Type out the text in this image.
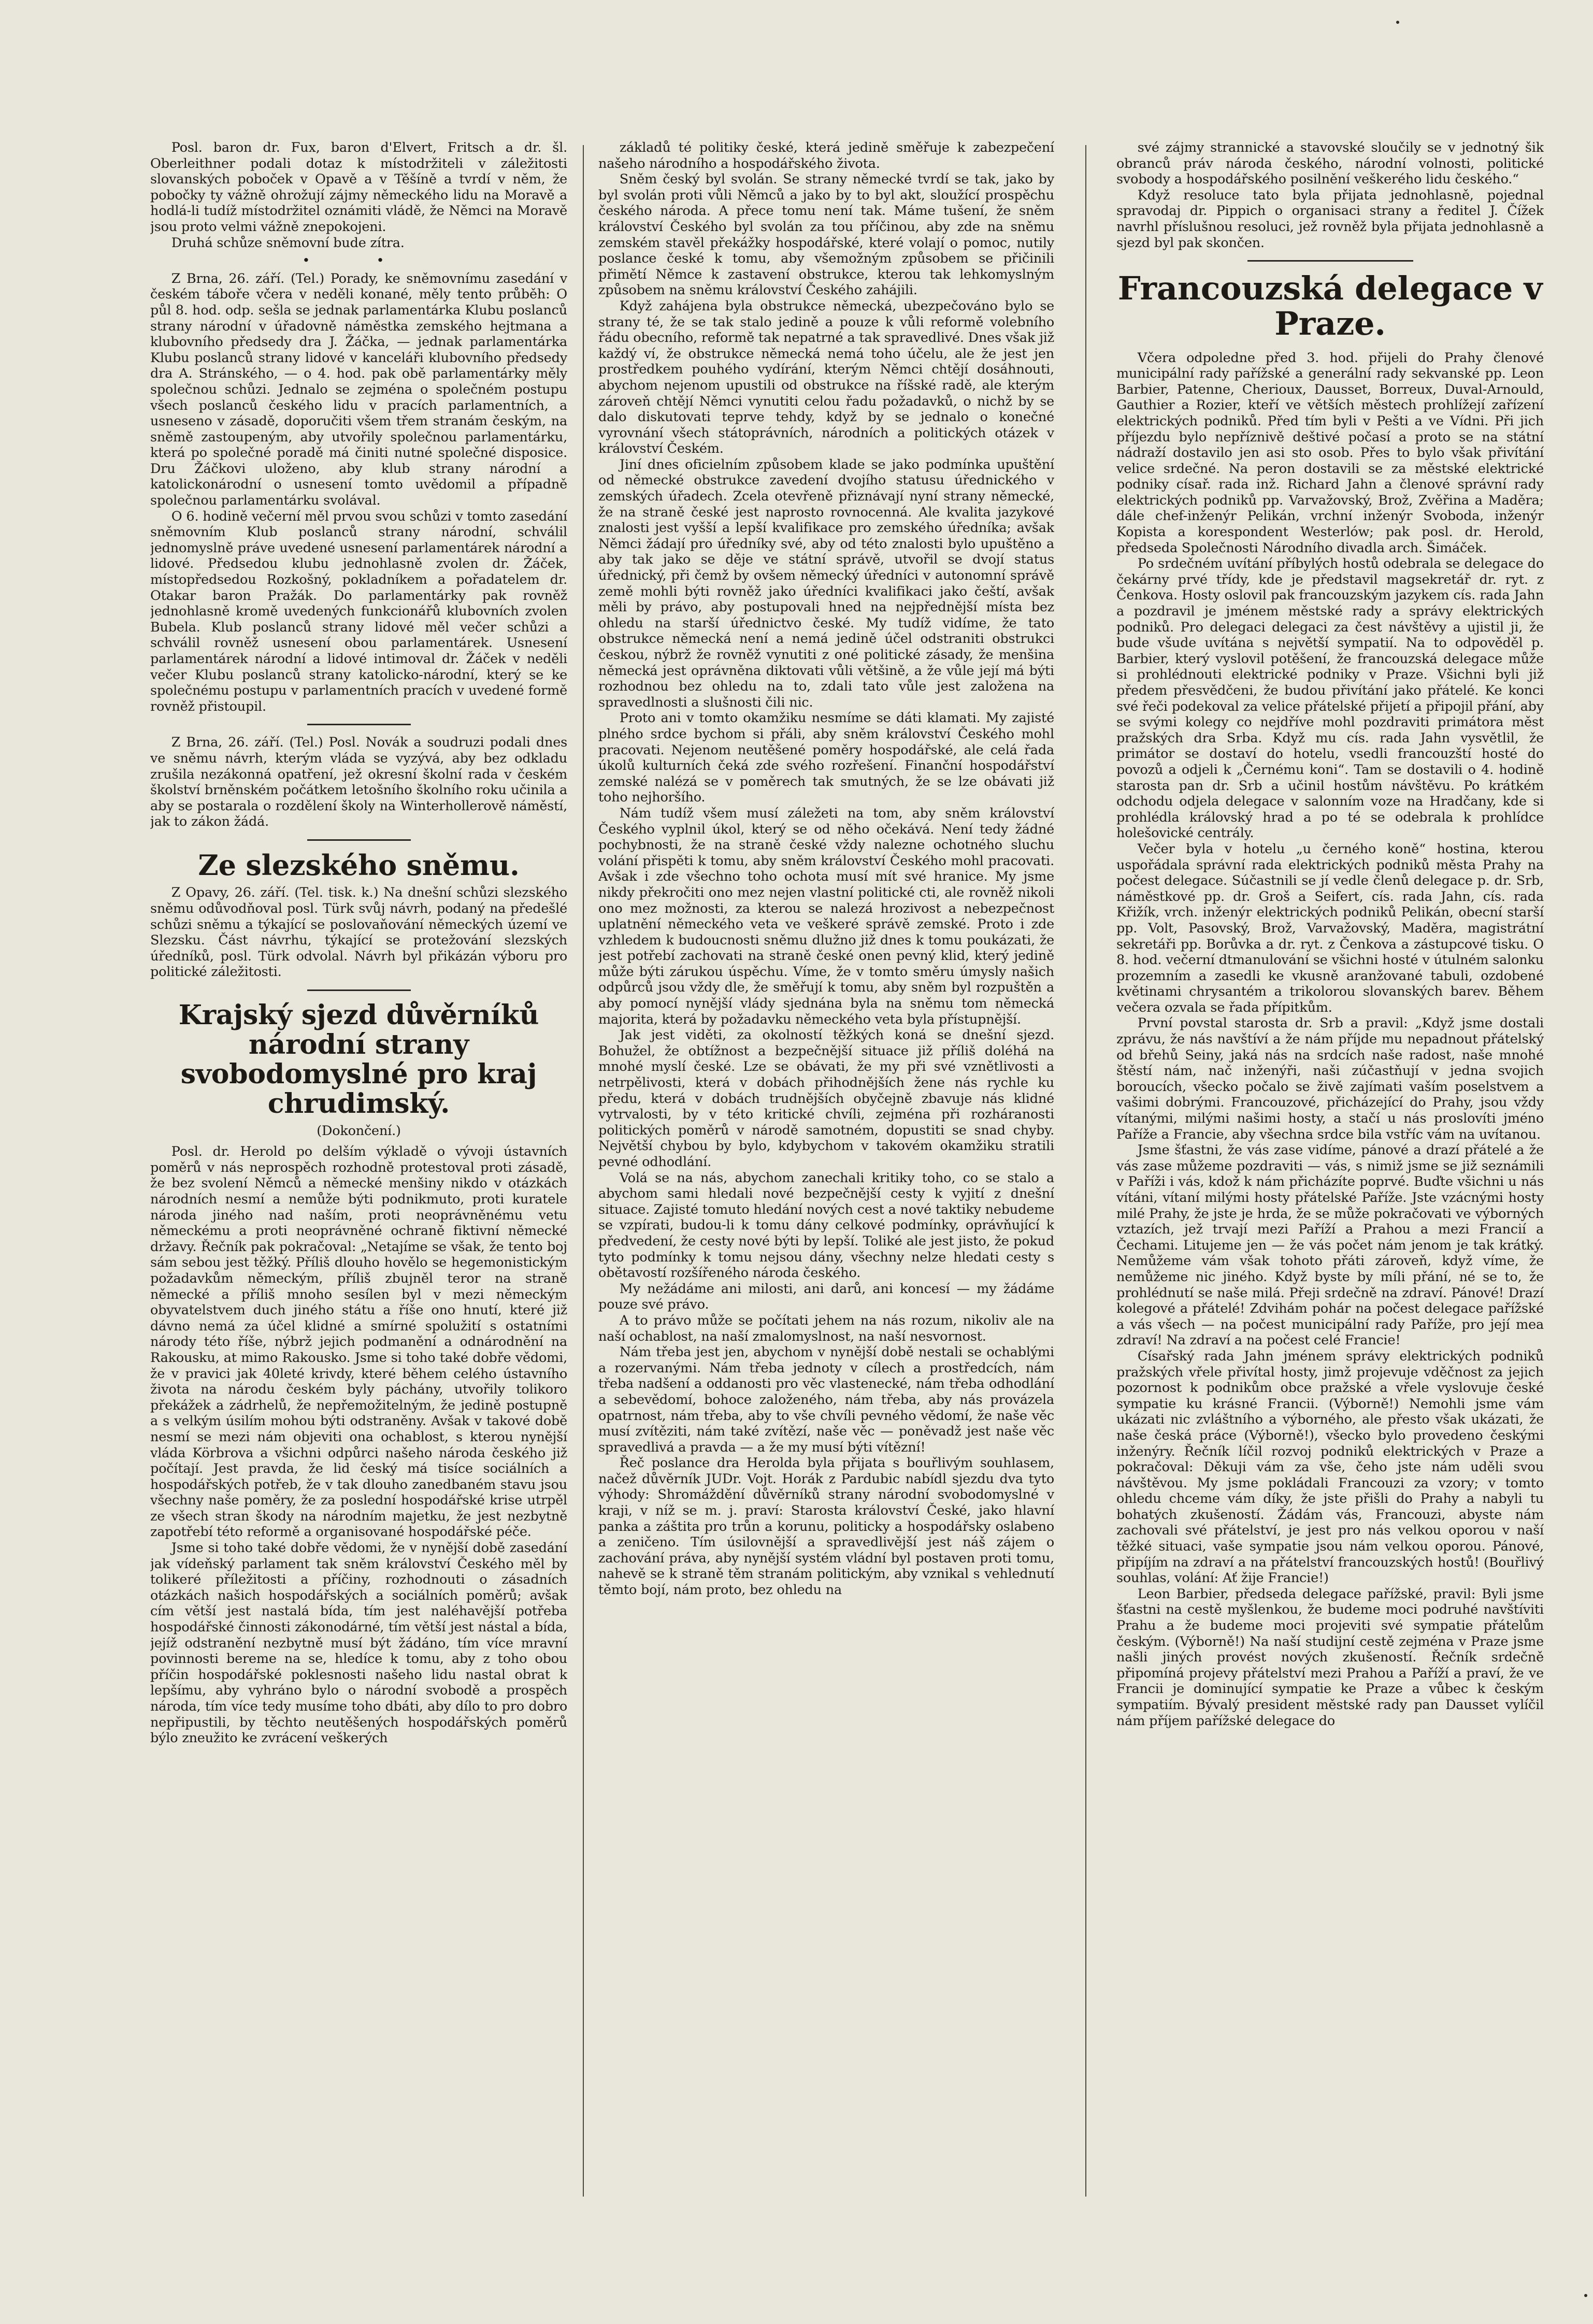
Posl. baron dr. Fux, baron d'Elvert, Fritsch a dr. šl. Oberleithner podali dotaz k místodržiteli v záležitosti slovanských poboček v Opavě a v Těšíně a tvrdí v něm, že pobočky ty vážně ohrožují zájmy německého lidu na Moravě a hodlá-li tudíž místodržitel oznámiti vládě, že Němci na Moravě jsou proto velmi vážně znepokojeni.

Druhá schůze sněmovní bude zítra.

• •

Z Brna, 26. září. (Tel.) Porady, ke sněmovnímu zasedání v českém táboře včera v neděli konané, měly tento průběh: O půl 8. hod. odp. sešla se jednak parlamentárka Klubu poslanců strany národní v úřadovně náměstka zemského hejtmana a klubovního předsedy dra J. Žáčka, — jednak parlamentárka Klubu poslanců strany lidové v kanceláři klubovního předsedy dra A. Stránského, — o 4. hod. pak obě parlamentárky měly společnou schůzi. Jednalo se zejména o společném postupu všech poslanců českého lidu v pracích parlamentních, a usneseno v zásadě, doporučiti všem třem stranám českým, na sněmě zastoupeným, aby utvořily společnou parlamentárku, která po společné poradě má činiti nutné společné disposice. Dru Žáčkovi uloženo, aby klub strany národní a katolickonárodní o usnesení tomto uvědomil a případně společnou parlamentárku svolával.

O 6. hodině večerní měl prvou svou schůzi v tomto zasedání sněmovním Klub poslanců strany národní, schválil jednomyslně práve uvedené usnesení parlamentárek národní a lidové. Předsedou klubu jednohlasně zvolen dr. Žáček, místopředsedou Rozkošný, pokladníkem a pořadatelem dr. Otakar baron Pražák. Do parlamentárky pak rovněž jednohlasně kromě uvedených funkcionářů klubovních zvolen Bubela. Klub poslanců strany lidové měl večer schůzi a schválil rovněž usnesení obou parlamentárek. Usnesení parlamentárek národní a lidové intimoval dr. Žáček v neděli večer Klubu poslanců strany katolicko-národní, který se ke společnému postupu v parlamentních pracích v uvedené formě rovněž přistoupil.

Z Brna, 26. září. (Tel.) Posl. Novák a soudruzi podali dnes ve sněmu návrh, kterým vláda se vyzývá, aby bez odkladu zrušila nezákonná opatření, jež okresní školní rada v českém školství brněnském počátkem letošního školního roku učinila a aby se postarala o rozdělení školy na Winterhollerově náměstí, jak to zákon žádá.

Ze slezského sněmu.

Z Opavy, 26. září. (Tel. tisk. k.) Na dnešní schůzi slezského sněmu odůvodňoval posl. Türk svůj návrh, podaný na předešlé schůzi sněmu a týkající se poslovaňování německých území ve Slezsku. Část návrhu, týkající se protežování slezských úředníků, posl. Türk odvolal. Návrh byl přikázán výboru pro politické záležitosti.

Krajský sjezd důvěrníků národní strany svobodomyslné pro kraj chrudimský.
(Dokončení.)

Posl. dr. Herold po delším výkladě o vývoji ústavních poměrů v nás neprospěch rozhodně protestoval proti zásadě, že bez svolení Němců a německé menšiny nikdo v otázkách národních nesmí a nemůže býti podnikmuto, proti kuratele národa jiného nad naším, proti neoprávněnému vetu německému a proti neoprávněné ochraně fiktivní německé državy. Řečník pak pokračoval: „Netajíme se však, že tento boj sám sebou jest těžký. Příliš dlouho hovělo se hegemonistickým požadavkům německým, příliš zbujněl teror na straně německé a příliš mnoho sesílen byl v mezi německým obyvatelstvem duch jiného státu a říše ono hnutí, které již dávno nemá za účel klidné a smírné spolužití s ostatními národy této říše, nýbrž jejich podmanění a odnárodnění na Rakousku, at mimo Rakousko. Jsme si toho také dobře vědomi, že v pravici jak 40leté krivdy, které během celého ústavního života na národu českém byly páchány, utvořily tolikoro překážek a zádrhelů, že nepřemožitelným, že jedině postupně a s velkým úsilím mohou býti odstraněny. Avšak v takové době nesmí se mezi nám objeviti ona ochablost, s kterou nynější vláda Körbrova a všichni odpůrci našeho národa českého již počítají. Jest pravda, že lid český má tisíce sociálních a hospodářských potřeb, že v tak dlouho zanedbaném stavu jsou všechny naše poměry, že za poslední hospodářské krise utrpěl ze všech stran škody na národním majetku, že jest nezbytně zapotřebí této reformě a organisované hospodářské péče.

Jsme si toho také dobře vědomi, že v nynější době zasedání jak vídeňský parlament tak sněm království Českého měl by tolikeré příležitosti a příčiny, rozhodnouti o zásadních otázkách našich hospodářských a sociálních poměrů; avšak cím větší jest nastalá bída, tím jest naléhavější potřeba hospodářské činnosti zákonodárné, tím větší jest nástal a bída, jejíž odstranění nezbytně musí být žádáno, tím více mravní povinnosti bereme na se, hledíce k tomu, aby z toho obou příčin hospodářské poklesnosti našeho lidu nastal obrat k lepšímu, aby vyhráno bylo o národní svobodě a prospěch národa, tím více tedy musíme toho dbáti, aby dílo to pro dobro nepřipustili, by těchto neutěšených hospodářských poměrů býlo zneužito ke zvrácení veškerých

základů té politiky české, která jedině směřuje k zabezpečení našeho národního a hospodářského života.

Sněm český byl svolán. Se strany německé tvrdí se tak, jako by byl svolán proti vůli Němců a jako by to byl akt, sloužící prospěchu českého národa. A přece tomu není tak. Máme tušení, že sněm království Českého byl svolán za tou příčinou, aby zde na sněmu zemském stavěl překážky hospodářské, které volají o pomoc, nutily poslance české k tomu, aby všemožným způsobem se přičinili přimětí Němce k zastavení obstrukce, kterou tak lehkomyslným způsobem na sněmu království Českého zahájili.

Když zahájena byla obstrukce německá, ubezpečováno bylo se strany té, že se tak stalo jedině a pouze k vůli reformě volebního řádu obecního, reformě tak nepatrné a tak spravedlivé. Dnes však již každý ví, že obstrukce německá nemá toho účelu, ale že jest jen prostředkem pouhého vydírání, kterým Němci chtějí dosáhnouti, abychom nejenom upustili od obstrukce na říšské radě, ale kterým zároveň chtějí Němci vynutiti celou řadu požadavků, o nichž by se dalo diskutovati teprve tehdy, když by se jednalo o konečné vyrovnání všech státoprávních, národních a politických otázek v království Českém.

Jiní dnes oficielním způsobem klade se jako podmínka upuštění od německé obstrukce zavedení dvojího statusu úřednického v zemských úřadech. Zcela otevřeně přiznávají nyní strany německé, že na straně české jest naprosto rovnocenná. Ale kvalita jazykové znalosti jest vyšší a lepší kvalifikace pro zemského úředníka; avšak Němci žádají pro úředníky své, aby od této znalosti bylo upuštěno a aby tak jako se děje ve státní správě, utvořil se dvojí status úřednický, při čemž by ovšem německý úředníci v autonomní správě země mohli býti rovněž jako úředníci kvalifikaci jako čeští, avšak měli by právo, aby postupovali hned na nejpřednější místa bez ohledu na starší úřednictvo české. My tudíž vidíme, že tato obstrukce německá není a nemá jedině účel odstraniti obstrukci českou, nýbrž že rovněž vynutiti z oné politické zásady, že menšina německá jest oprávněna diktovati vůli většině, a že vůle její má býti rozhodnou bez ohledu na to, zdali tato vůle jest založena na spravedlnosti a slušnosti čili nic.

Proto ani v tomto okamžiku nesmíme se dáti klamati. My zajisté plného srdce bychom si přáli, aby sněm království Českého mohl pracovati. Nejenom neutěšené poměry hospodářské, ale celá řada úkolů kulturních čeká zde svého rozřešení. Finanční hospodářství zemské nalézá se v poměrech tak smutných, že se lze obávati již toho nejhoršího.

Nám tudíž všem musí záležeti na tom, aby sněm království Českého vyplnil úkol, který se od něho očekává. Není tedy žádné pochybnosti, že na straně české vždy nalezne ochotného sluchu volání přispěti k tomu, aby sněm království Českého mohl pracovati. Avšak i zde všechno toho ochota musí mít své hranice. My jsme nikdy překročiti ono mez nejen vlastní politické cti, ale rovněž nikoli ono mez možnosti, za kterou se nalezá hrozivost a nebezpečnost uplatnění německého veta ve veškeré správě zemské. Proto i zde vzhledem k budoucnosti sněmu dlužno již dnes k tomu poukázati, že jest potřebí zachovati na straně české onen pevný klid, který jedině může býti zárukou úspěchu. Víme, že v tomto směru úmysly našich odpůrců jsou vždy dle, že směřují k tomu, aby sněm byl rozpuštěn a aby pomocí nynější vlády sjednána byla na sněmu tom německá majorita, která by požadavku německého veta byla přístupnější.

Jak jest viděti, za okolností těžkých koná se dnešní sjezd. Bohužel, že obtížnost a bezpečnější situace již příliš doléhá na mnohé myslí české. Lze se obávati, že my při své vznětlivosti a netrpělivosti, která v dobách přihodnějších žene nás rychle ku předu, která v dobách trudnějších obyčejně zbavuje nás klidné vytrvalosti, by v této kritické chvíli, zejména při rozháranosti politických poměrů v národě samotném, dopustiti se snad chyby. Největší chybou by bylo, kdybychom v takovém okamžiku stratili pevné odhodlání.

Volá se na nás, abychom zanechali kritiky toho, co se stalo a abychom sami hledali nové bezpečnější cesty k vyjití z dnešní situace. Zajisté tomuto hledání nových cest a nové taktiky nebudeme se vzpírati, budou-li k tomu dány celkové podmínky, oprávňující k předvedení, že cesty nové býti by lepší. Toliké ale jest jisto, že pokud tyto podmínky k tomu nejsou dány, všechny nelze hledati cesty s obětavostí rozšířeného národa českého.

My nežádáme ani milosti, ani darů, ani koncesí — my žádáme pouze své právo.

A to právo může se počítati jehem na nás rozum, nikoliv ale na naší ochablost, na naší zmalomyslnost, na naší nesvornost.

Nám třeba jest jen, abychom v nynější době nestali se ochablými a rozervanými. Nám třeba jednoty v cílech a prostředcích, nám třeba nadšení a oddanosti pro věc vlastenecké, nám třeba odhodlání a sebevědomí, bohoce založeného, nám třeba, aby nás provázela opatrnost, nám třeba, aby to vše chvíli pevného vědomí, že naše věc musí zvítěziti, nám také zvítězí, naše věc — poněvadž jest naše věc spravedlivá a pravda — a že my musí býti vítězní!

Řeč poslance dra Herolda byla přijata s bouřlivým souhlasem, načež důvěrník JUDr. Vojt. Horák z Pardubic nabídl sjezdu dva tyto výhody: Shromáždění důvěrníků strany národní svobodomyslné v kraji, v níž se m. j. praví: Starosta království České, jako hlavní panka a záštita pro trůn a korunu, politicky a hospodářsky oslabeno a zeničeno. Tím úsilovnější a spravedlivější jest náš zájem o zachování práva, aby nynější systém vládní byl postaven proti tomu, nahevě se k straně těm stranám politickým, aby vznikal s vehlednutí těmto bojí, nám proto, bez ohledu na

své zájmy strannické a stavovské sloučily se v jednotný šik obranců práv národa českého, národní volnosti, politické svobody a hospodářského posilnění veškerého lidu českého.“

Když resoluce tato byla přijata jednohlasně, pojednal spravodaj dr. Pippich o organisaci strany a ředitel J. Čížek navrhl příslušnou resoluci, jež rovněž byla přijata jednohlasně a sjezd byl pak skončen.

Francouzská delegace v Praze.

Včera odpoledne před 3. hod. přijeli do Prahy členové municipální rady pařížské a generální rady sekvanské pp. Leon Barbier, Patenne, Cherioux, Dausset, Borreux, Duval-Arnould, Gauthier a Rozier, kteří ve větších městech prohlížejí zařízení elektrických podniků. Před tím byli v Pešti a ve Vídni. Při jich příjezdu bylo nepříznivě deštivé počasí a proto se na státní nádraží dostavilo jen asi sto osob. Přes to bylo však přivítání velice srdečné. Na peron dostavili se za městské elektrické podniky císař. rada inž. Richard Jahn a členové správní rady elektrických podniků pp. Varvažovský, Brož, Zvěřina a Maděra; dále chef-inženýr Pelikán, vrchní inženýr Svoboda, inženýr Kopista a korespondent Westerlów; pak posl. dr. Herold, předseda Společnosti Národního divadla arch. Šimáček.

Po srdečném uvítání příbylých hostů odebrala se delegace do čekárny prvé třídy, kde je představil magsekretář dr. ryt. z Čenkova. Hosty oslovil pak francouzským jazykem cís. rada Jahn a pozdravil je jménem městské rady a správy elektrických podniků. Pro delegaci delegaci za čest návštěvy a ujistil ji, že bude všude uvítána s největší sympatií. Na to odpověděl p. Barbier, který vyslovil potěšení, že francouzská delegace může si prohlédnouti elektrické podniky v Praze. Všichni byli již předem přesvědčeni, že budou přivítání jako přátelé. Ke konci své řeči podekoval za velice přátelské přijetí a připojil přání, aby se svými kolegy co nejdříve mohl pozdraviti primátora měst pražských dra Srba. Když mu cís. rada Jahn vysvětlil, že primátor se dostaví do hotelu, vsedli francouzští hosté do povozů a odjeli k „Černému koni“. Tam se dostavili o 4. hodině starosta pan dr. Srb a učinil hostům návštěvu. Po krátkém odchodu odjela delegace v salonním voze na Hradčany, kde si prohlédla královský hrad a po té se odebrala k prohlídce holešovické centrály.

Večer byla v hotelu „u černého koně“ hostina, kterou uspořádala správní rada elektrických podniků města Prahy na počest delegace. Súčastnili se jí vedle členů delegace p. dr. Srb, náměstkové pp. dr. Groš a Seifert, cís. rada Jahn, cís. rada Křižík, vrch. inženýr elektrických podniků Pelikán, obecní starší pp. Volt, Pasovský, Brož, Varvažovský, Maděra, magistrátní sekretáři pp. Borůvka a dr. ryt. z Čenkova a zástupcové tisku. O 8. hod. večerní dtmanulování se všichni hosté v útulném salonku prozemním a zasedli ke vkusně aranžované tabuli, ozdobené květinami chrysantém a trikolorou slovanských barev. Během večera ozvala se řada přípitkům.

První povstal starosta dr. Srb a pravil: „Když jsme dostali zprávu, že nás navštíví a že nám příjde mu nepadnout přátelský od břehů Seiny, jaká nás na srdcích naše radost, naše mnohé štěstí nám, nač inženýři, naši zúčastňují v jedna svojich boroucích, všecko počalo se živě zajímati vaším poselstvem a vašimi dobrými. Francouzové, přicházející do Prahy, jsou vždy vítanými, milými našimi hosty, a stačí u nás proslovíti jméno Paříže a Francie, aby všechna srdce bila vstříc vám na uvítanou.

Jsme šťastni, že vás zase vidíme, pánové a drazí přátelé a že vás zase můžeme pozdraviti — vás, s nimiž jsme se již seznámili v Paříži i vás, kdož k nám přicházíte poprvé. Buďte všichni u nás vítáni, vítaní milými hosty přátelské Paříže. Jste vzácnými hosty milé Prahy, že jste je hrda, že se může pokračovati ve výborných vztazích, jež trvají mezi Paříží a Prahou a mezi Francií a Čechami. Litujeme jen — že vás počet nám jenom je tak krátký. Nemůžeme vám však tohoto přáti zároveň, když víme, že nemůžeme nic jiného. Když byste by míli přání, né se to, že prohlédnutí se naše milá. Přeji srdečně na zdraví. Pánové! Drazí kolegové a přátelé! Zdvihám pohár na počest delegace pařížské a vás všech — na počest municipální rady Paříže, pro její mea zdraví! Na zdraví a na počest celé Francie!

Císařský rada Jahn jménem správy elektrických podniků pražských vřele přivítal hosty, jimž projevuje vděčnost za jejich pozornost k podnikům obce pražské a vřele vyslovuje české sympatie ku krásné Francii. (Výborně!) Nemohli jsme vám ukázati nic zvláštního a výborného, ale přesto však ukázati, že naše česká práce (Výborně!), všecko bylo provedeno českými inženýry. Řečník líčil rozvoj podniků elektrických v Praze a pokračoval: Děkuji vám za vše, čeho jste nám uděli svou návštěvou. My jsme pokládali Francouzi za vzory; v tomto ohledu chceme vám díky, že jste přišli do Prahy a nabyli tu bohatých zkušeností. Žádám vás, Francouzi, abyste nám zachovali své přátelství, je jest pro nás velkou oporou v naší těžké situaci, vaše sympatie jsou nám velkou oporou. Pánové, připíjím na zdraví a na přátelství francouzských hostů! (Bouřlivý souhlas, volání: Ať žije Francie!)

Leon Barbier, předseda delegace pařížské, pravil: Byli jsme šťastni na cestě myšlenkou, že budeme moci podruhé navštíviti Prahu a že budeme moci projeviti své sympatie přátelům českým. (Výborně!) Na naší studijní cestě zejména v Praze jsme našli jiných provést nových zkušeností. Řečník srdečně připomíná projevy přátelství mezi Prahou a Paříží a praví, že ve Francii je dominující sympatie ke Praze a vůbec k českým sympatiím. Bývalý president městské rady pan Dausset vylíčil nám příjem pařížské delegace do
